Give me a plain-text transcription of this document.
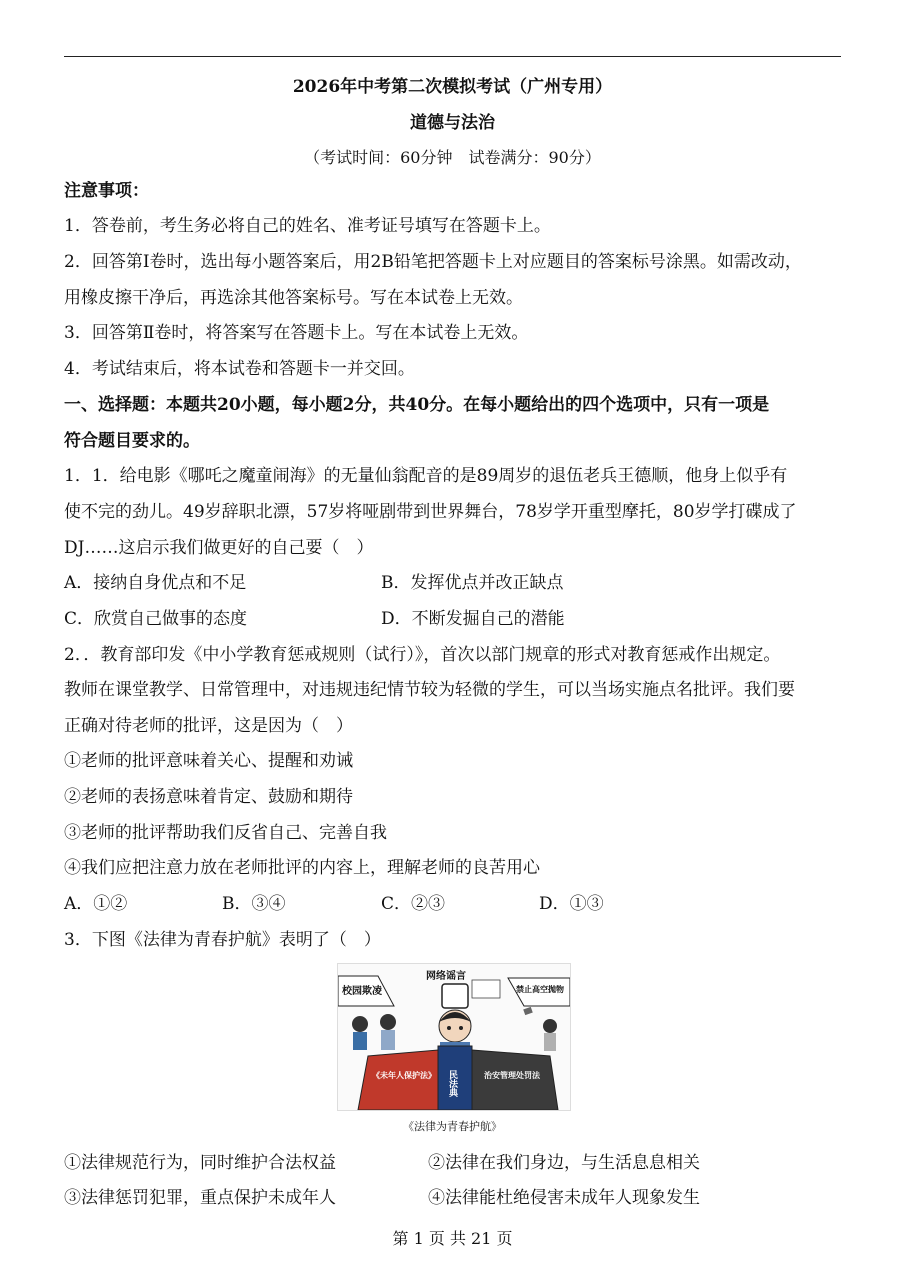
2026年中考第二次模拟考试（广州专用）
道德与法治
（考试时间：60分钟　试卷满分：90分）
注意事项：
1．答卷前，考生务必将自己的姓名、准考证号填写在答题卡上。
2．回答第Ⅰ卷时，选出每小题答案后，用2B铅笔把答题卡上对应题目的答案标号涂黑。如需改动，
用橡皮擦干净后，再选涂其他答案标号。写在本试卷上无效。
3．回答第Ⅱ卷时，将答案写在答题卡上。写在本试卷上无效。
4．考试结束后，将本试卷和答题卡一并交回。
一、选择题：本题共20小题，每小题2分，共40分。在每小题给出的四个选项中，只有一项是
符合题目要求的。
1．1．给电影《哪吒之魔童闹海》的无量仙翁配音的是89周岁的退伍老兵王德顺，他身上似乎有
使不完的劲儿。49岁辞职北漂，57岁将哑剧带到世界舞台，78岁学开重型摩托，80岁学打碟成了
DJ……这启示我们做更好的自己要（　）
A．接纳自身优点和不足	B．发挥优点并改正缺点
C．欣赏自己做事的态度	D．不断发掘自己的潜能
2．．教育部印发《中小学教育惩戒规则（试行）》，首次以部门规章的形式对教育惩戒作出规定。
教师在课堂教学、日常管理中，对违规违纪情节较为轻微的学生，可以当场实施点名批评。我们要
正确对待老师的批评，这是因为（　）
①老师的批评意味着关心、提醒和劝诫
②老师的表扬意味着肯定、鼓励和期待
③老师的批评帮助我们反省自己、完善自我
④我们应把注意力放在老师批评的内容上，理解老师的良苦用心
A．①②	B．③④	C．②③	D．①③
3．下图《法律为青春护航》表明了（　）
校园欺凌
网络谣言
禁止高空抛物
《未年人保护法》 民法典	治安管理处罚法
《法律为青春护航》
①法律规范行为，同时维护合法权益	②法律在我们身边，与生活息息相关
③法律惩罚犯罪，重点保护未成年人	④法律能杜绝侵害未成年人现象发生
第 1 页 共 21 页
